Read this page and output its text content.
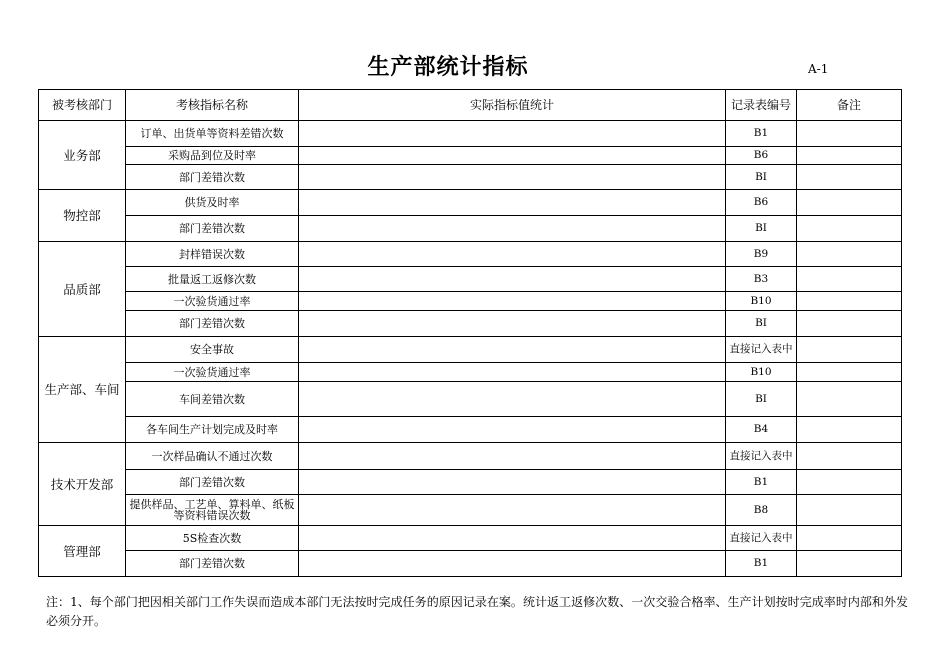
生产部统计指标	A-1
被考核部门	考核指标名称	实际指标值统计	记录表编号	备注
业务部	订单、出货单等资料差错次数		B1	
	采购品到位及时率		B6	
	部门差错次数		BI	
物控部	供货及时率		B6	
	部门差错次数		BI	
品质部	封样错误次数		B9	
	批量返工返修次数		B3	
	一次验货通过率		B10	
	部门差错次数		BI	
生产部、车间	安全事故		直接记入表中	
	一次验货通过率		B10	
	车间差错次数		BI	
	各车间生产计划完成及时率		B4	
技术开发部	一次样品确认不通过次数		直接记入表中	
	部门差错次数		B1	
	提供样品、工艺单、算料单、纸板等资料错误次数		B8	
管理部	5S检查次数		直接记入表中	
	部门差错次数		B1	
注：1、每个部门把因相关部门工作失误而造成本部门无法按时完成任务的原因记录在案。统计返工返修次数、一次交验合格率、生产计划按时完成率时内部和外发必须分开。
